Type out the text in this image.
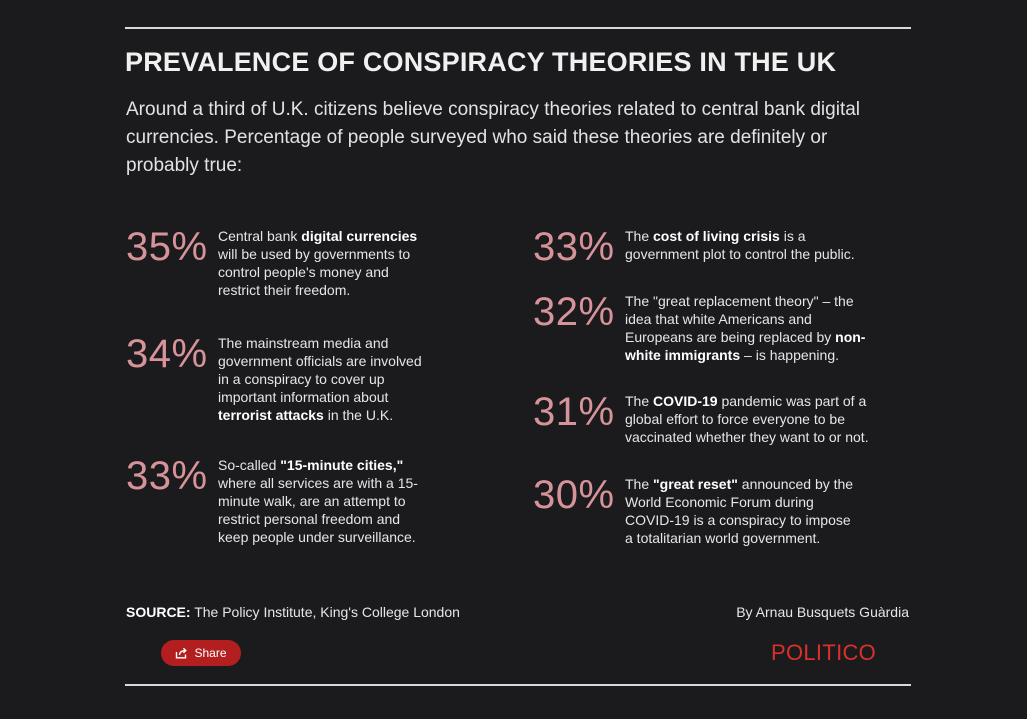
PREVALENCE OF CONSPIRACY THEORIES IN THE UK
Around a third of U.K. citizens believe conspiracy theories related to central bank digital currencies. Percentage of people surveyed who said these theories are definitely or probably true:
35% Central bank digital currencies
will be used by governments to
control people's money and
restrict their freedom.
34% The mainstream media and
government officials are involved
in a conspiracy to cover up
important information about
terrorist attacks in the U.K.
33% So-called "15-minute cities,"
where all services are with a 15-
minute walk, are an attempt to
restrict personal freedom and
keep people under surveillance.
33% The cost of living crisis is a
government plot to control the public.
32% The "great replacement theory" – the
idea that white Americans and
Europeans are being replaced by non-
white immigrants – is happening.
31% The COVID-19 pandemic was part of a
global effort to force everyone to be
vaccinated whether they want to or not.
30% The "great reset" announced by the
World Economic Forum during
COVID-19 is a conspiracy to impose
a totalitarian world government.
SOURCE: The Policy Institute, King's College London	By Arnau Busquets Guàrdia
Share	POLITICO
